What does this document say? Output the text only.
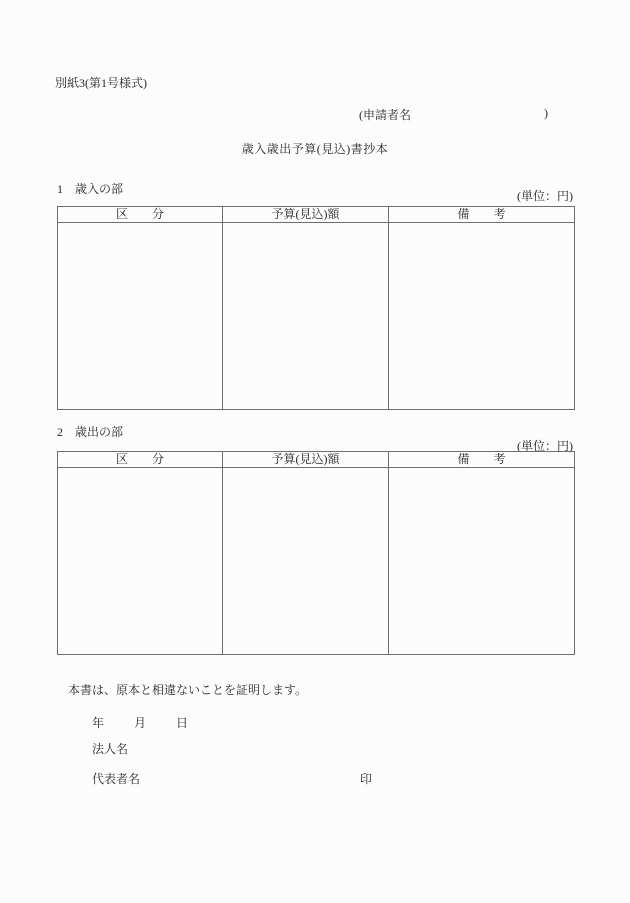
別紙3(第1号様式)
(申請者名	)
歳入歳出予算(見込)書抄本
1　歳入の部	(単位：円)
区　　分	予算(見込)額	備　　考

2　歳出の部
(単位：円)
区　　分	予算(見込)額	備　　考

本書は、原本と相違ないことを証明します。
年　　月　　日
法人名
代表者名	印
